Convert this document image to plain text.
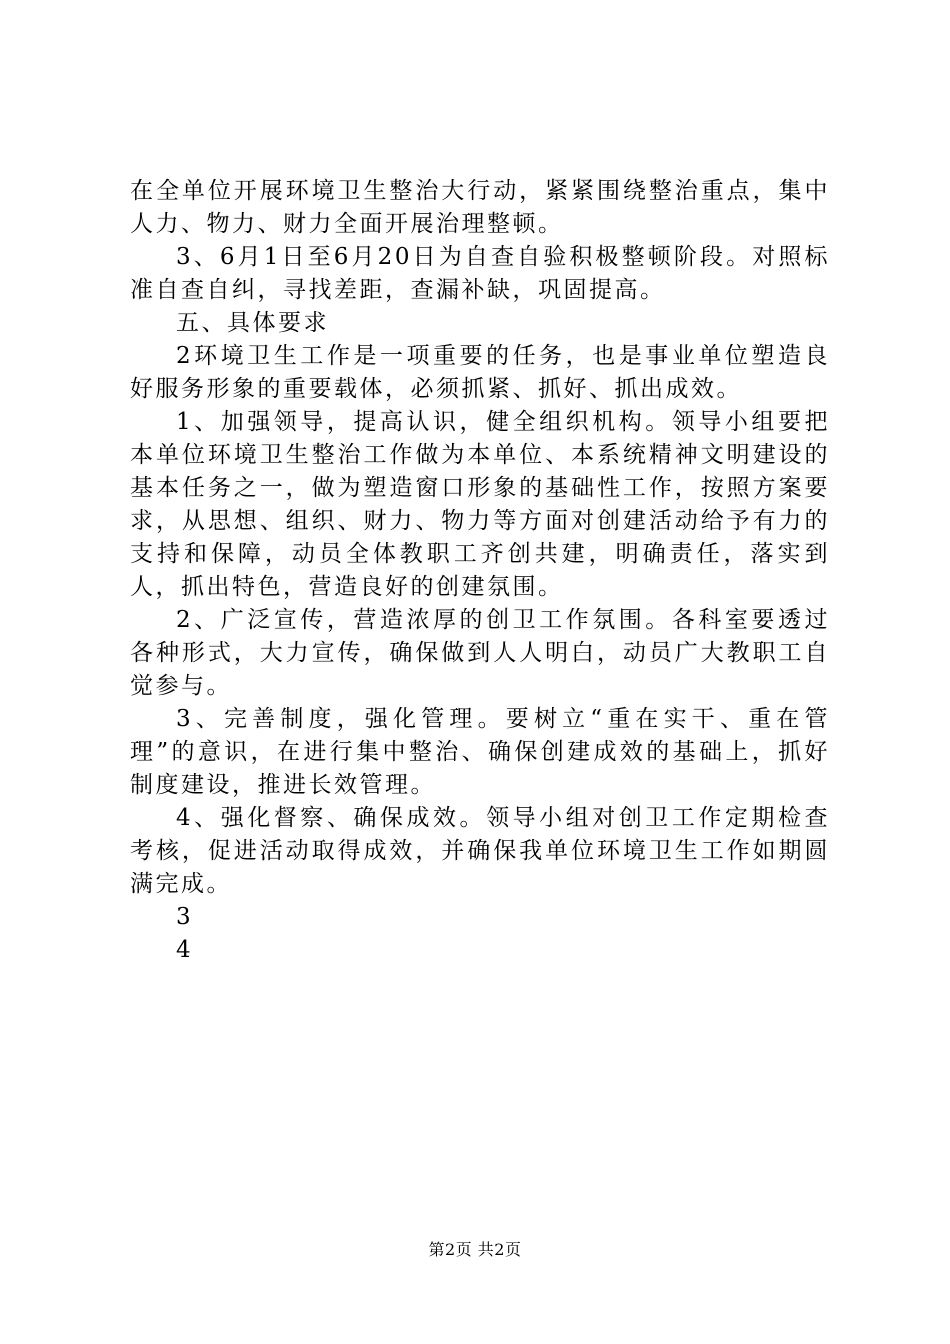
在全单位开展环境卫生整治大行动，紧紧围绕整治重点，集中人力、物力、财力全面开展治理整顿。

3、6月1日至6月20日为自查自验积极整顿阶段。对照标准自查自纠，寻找差距，查漏补缺，巩固提高。

五、具体要求

2环境卫生工作是一项重要的任务，也是事业单位塑造良好服务形象的重要载体，必须抓紧、抓好、抓出成效。

1、加强领导，提高认识，健全组织机构。领导小组要把本单位环境卫生整治工作做为本单位、本系统精神文明建设的基本任务之一，做为塑造窗口形象的基础性工作，按照方案要求，从思想、组织、财力、物力等方面对创建活动给予有力的支持和保障，动员全体教职工齐创共建，明确责任，落实到人，抓出特色，营造良好的创建氛围。

2、广泛宣传，营造浓厚的创卫工作氛围。各科室要透过各种形式，大力宣传，确保做到人人明白，动员广大教职工自觉参与。

3、完善制度，强化管理。要树立“重在实干、重在管理”的意识，在进行集中整治、确保创建成效的基础上，抓好制度建设，推进长效管理。

4、强化督察、确保成效。领导小组对创卫工作定期检查考核，促进活动取得成效，并确保我单位环境卫生工作如期圆满完成。

3

4

第2页 共2页
